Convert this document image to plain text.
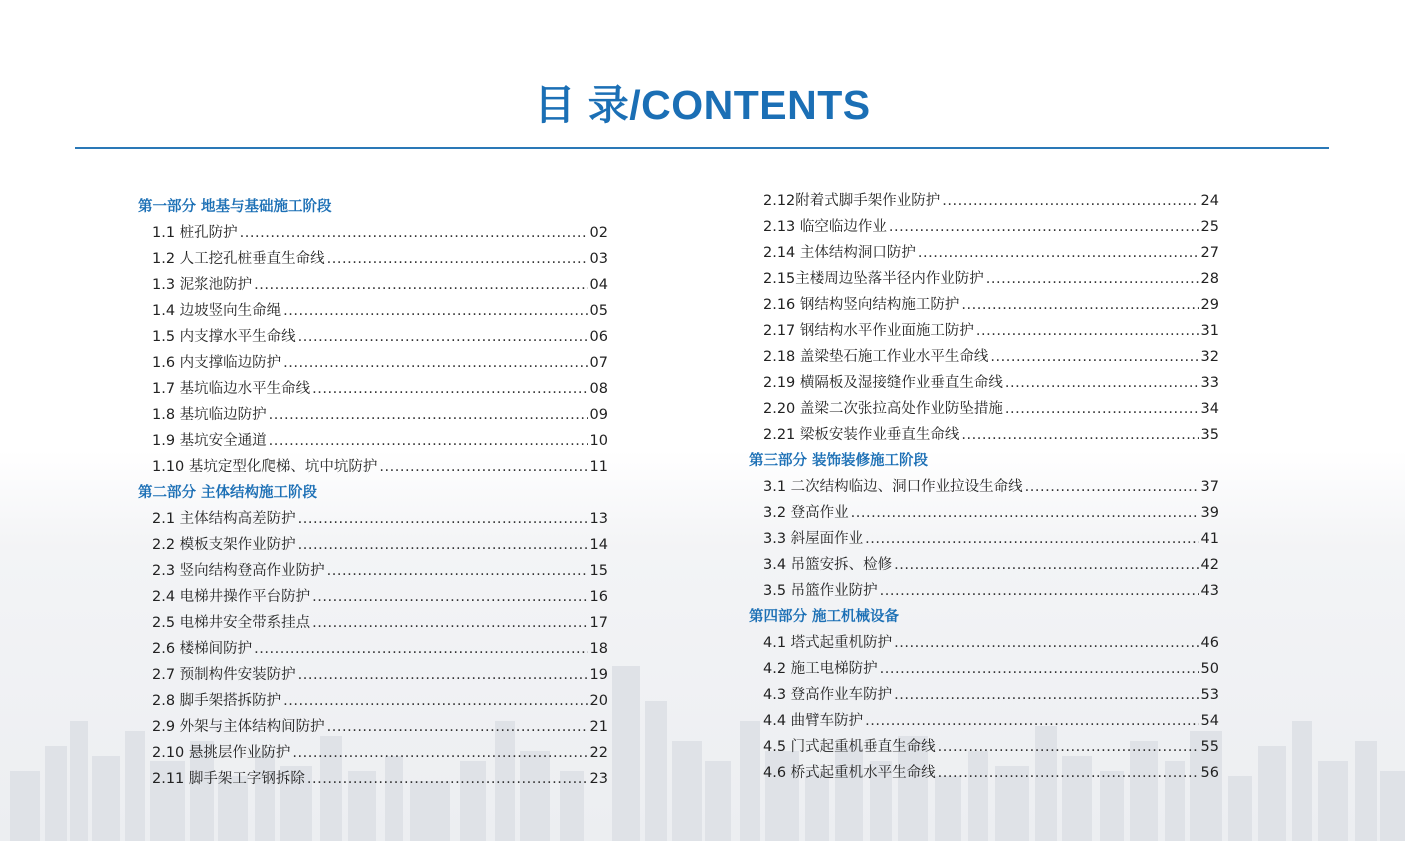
目 录/CONTENTS
第一部分 地基与基础施工阶段
1.1 桩孔防护 .....	02
1.2 人工挖孔桩垂直生命线 .....	03
1.3 泥浆池防护 .....	04
1.4 边坡竖向生命绳 .....	05
1.5 内支撑水平生命线 .....	06
1.6 内支撑临边防护 .....	07
1.7 基坑临边水平生命线 .....	08
1.8 基坑临边防护 .....	09
1.9 基坑安全通道 .....	10
1.10 基坑定型化爬梯、坑中坑防护 .....	11
第二部分 主体结构施工阶段
2.1 主体结构高差防护 .....	13
2.2 模板支架作业防护 .....	14
2.3 竖向结构登高作业防护 .....	15
2.4 电梯井操作平台防护 .....	16
2.5 电梯井安全带系挂点 .....	17
2.6 楼梯间防护 .....	18
2.7 预制构件安装防护 .....	19
2.8 脚手架搭拆防护 .....	20
2.9 外架与主体结构间防护 .....	21
2.10 悬挑层作业防护 .....	22
2.11 脚手架工字钢拆除 .....	23
2.12附着式脚手架作业防护 .....	24
2.13 临空临边作业 .....	25
2.14 主体结构洞口防护 .....	27
2.15主楼周边坠落半径内作业防护 .....	28
2.16 钢结构竖向结构施工防护 .....	29
2.17 钢结构水平作业面施工防护 .....	31
2.18 盖梁垫石施工作业水平生命线 .....	32
2.19 横隔板及湿接缝作业垂直生命线 .....	33
2.20 盖梁二次张拉高处作业防坠措施 .....	34
2.21 梁板安装作业垂直生命线 .....	35
第三部分 装饰装修施工阶段
3.1 二次结构临边、洞口作业拉设生命线 .....	37
3.2 登高作业 .....	39
3.3 斜屋面作业 .....	41
3.4 吊篮安拆、检修 .....	42
3.5 吊篮作业防护 .....	43
第四部分 施工机械设备
4.1 塔式起重机防护 .....	46
4.2 施工电梯防护 .....	50
4.3 登高作业车防护 .....	53
4.4 曲臂车防护 .....	54
4.5 门式起重机垂直生命线 .....	55
4.6 桥式起重机水平生命线 .....	56
